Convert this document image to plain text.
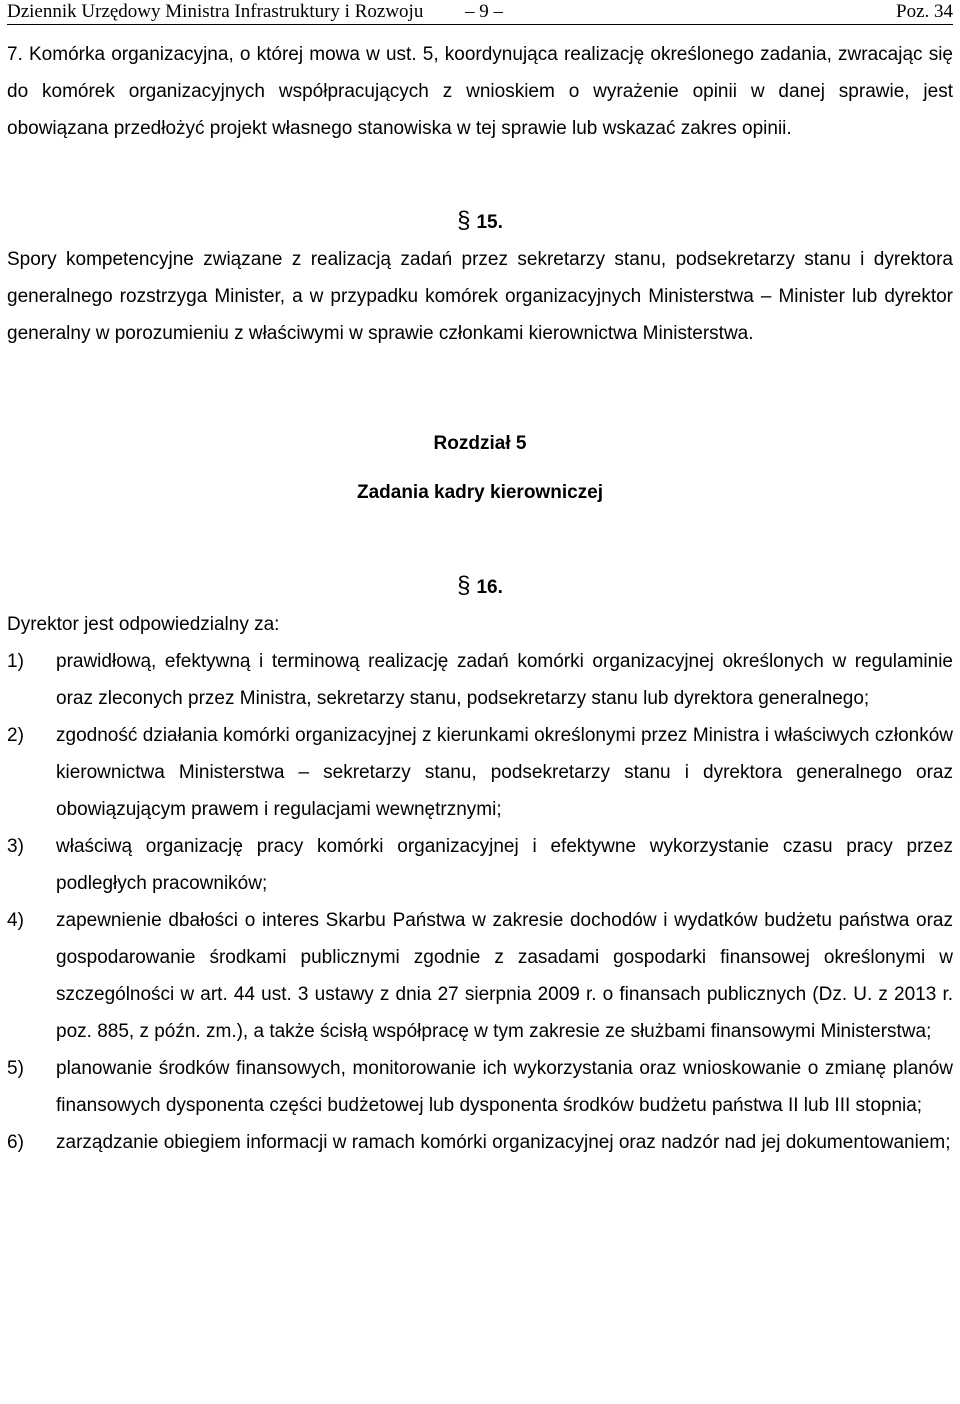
Dziennik Urzędowy Ministra Infrastruktury i Rozwoju – 9 –	Poz. 34

7. Komórka organizacyjna, o której mowa w ust. 5, koordynująca realizację określonego zadania, zwracając się do komórek organizacyjnych współpracujących z wnioskiem o wyrażenie opinii w danej sprawie, jest obowiązana przedłożyć projekt własnego stanowiska w tej sprawie lub wskazać zakres opinii.

§ 15.

Spory kompetencyjne związane z realizacją zadań przez sekretarzy stanu, podsekretarzy stanu i dyrektora generalnego rozstrzyga Minister, a w przypadku komórek organizacyjnych Ministerstwa – Minister lub dyrektor generalny w porozumieniu z właściwymi w sprawie członkami kierownictwa Ministerstwa.

Rozdział 5

Zadania kadry kierowniczej

§ 16.

Dyrektor jest odpowiedzialny za:

1) prawidłową, efektywną i terminową realizację zadań komórki organizacyjnej określonych w regulaminie oraz zleconych przez Ministra, sekretarzy stanu, podsekretarzy stanu lub dyrektora generalnego;
2) zgodność działania komórki organizacyjnej z kierunkami określonymi przez Ministra i właściwych członków kierownictwa Ministerstwa – sekretarzy stanu, podsekretarzy stanu i dyrektora generalnego oraz obowiązującym prawem i regulacjami wewnętrznymi;
3) właściwą organizację pracy komórki organizacyjnej i efektywne wykorzystanie czasu pracy przez podległych pracowników;
4) zapewnienie dbałości o interes Skarbu Państwa w zakresie dochodów i wydatków budżetu państwa oraz gospodarowanie środkami publicznymi zgodnie z zasadami gospodarki finansowej określonymi w szczególności w art. 44 ust. 3 ustawy z dnia 27 sierpnia 2009 r. o finansach publicznych (Dz. U. z 2013 r. poz. 885, z późn. zm.), a także ścisłą współpracę w tym zakresie ze służbami finansowymi Ministerstwa;
5) planowanie środków finansowych, monitorowanie ich wykorzystania oraz wnioskowanie o zmianę planów finansowych dysponenta części budżetowej lub dysponenta środków budżetu państwa II lub III stopnia;
6) zarządzanie obiegiem informacji w ramach komórki organizacyjnej oraz nadzór nad jej dokumentowaniem;
